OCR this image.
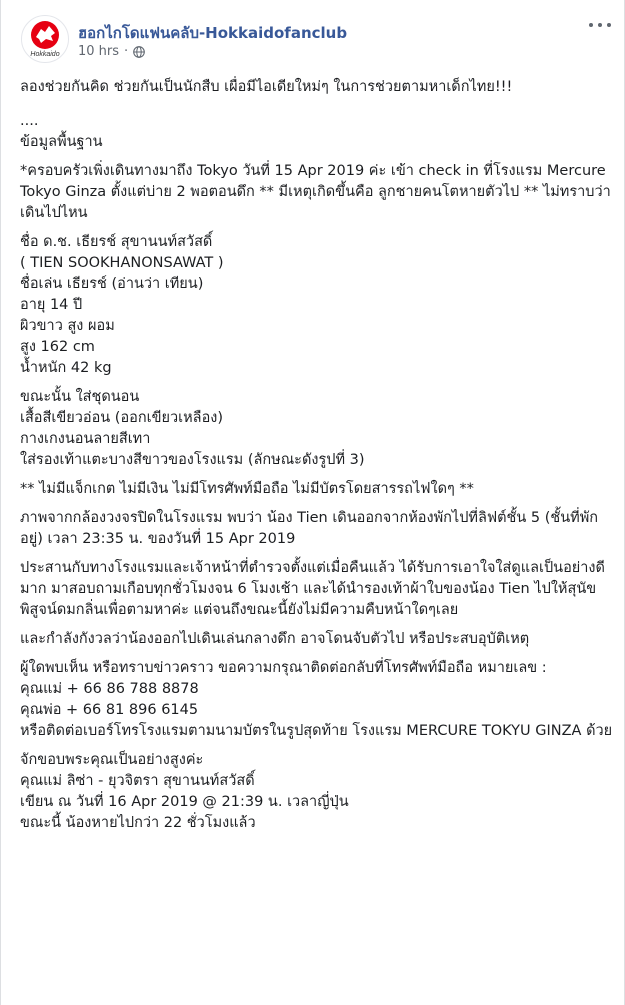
Hokkaido
ฮอกไกโดแฟนคลับ-Hokkaidofanclub
10 hrs ·

ลองช่วยกันคิด ช่วยกันเป็นนักสืบ เผื่อมีไอเดียใหม่ๆ ในการช่วยตามหาเด็กไทย!!!

....
ข้อมูลพื้นฐาน

*ครอบครัวเพิ่งเดินทางมาถึง Tokyo วันที่ 15 Apr 2019 ค่ะ เข้า check in ที่โรงแรม Mercure Tokyo Ginza ตั้งแต่บ่าย 2 พอตอนดึก ** มีเหตุเกิดขึ้นคือ ลูกชายคนโตหายตัวไป ** ไม่ทราบว่าเดินไปไหน

ชื่อ ด.ช. เธียรช์ สุขานนท์สวัสดิ์
( TIEN SOOKHANONSAWAT )
ชื่อเล่น เธียรช์ (อ่านว่า เทียน)
อายุ 14 ปี
ผิวขาว สูง ผอม
สูง 162 cm
น้ำหนัก 42 kg

ขณะนั้น ใส่ชุดนอน
เสื้อสีเขียวอ่อน (ออกเขียวเหลือง)
กางเกงนอนลายสีเทา
ใส่รองเท้าแตะบางสีขาวของโรงแรม (ลักษณะดังรูปที่ 3)

** ไม่มีแจ็กเกต ไม่มีเงิน ไม่มีโทรศัพท์มือถือ ไม่มีบัตรโดยสารรถไฟใดๆ **

ภาพจากกล้องวงจรปิดในโรงแรม พบว่า น้อง Tien เดินออกจากห้องพักไปที่ลิฟต์ชั้น 5 (ชั้นที่พักอยู่) เวลา 23:35 น. ของวันที่ 15 Apr 2019

ประสานกับทางโรงแรมและเจ้าหน้าที่ตำรวจตั้งแต่เมื่อคืนแล้ว ได้รับการเอาใจใส่ดูแลเป็นอย่างดีมาก มาสอบถามเกือบทุกชั่วโมงจน 6 โมงเช้า และได้นำรองเท้าผ้าใบของน้อง Tien ไปให้สุนัขพิสูจน์ดมกลิ่นเพื่อตามหาค่ะ แต่จนถึงขณะนี้ยังไม่มีความคืบหน้าใดๆเลย

และกำลังกังวลว่าน้องออกไปเดินเล่นกลางดึก อาจโดนจับตัวไป หรือประสบอุบัติเหตุ

ผู้ใดพบเห็น หรือทราบข่าวคราว ขอความกรุณาติดต่อกลับที่โทรศัพท์มือถือ หมายเลข :
คุณแม่ + 66 86 788 8878
คุณพ่อ + 66 81 896 6145
หรือติดต่อเบอร์โทรโรงแรมตามนามบัตรในรูปสุดท้าย โรงแรม MERCURE TOKYU GINZA ด้วย

จักขอบพระคุณเป็นอย่างสูงค่ะ
คุณแม่ ลิซ่า - ยุวจิตรา สุขานนท์สวัสดิ์
เขียน ณ วันที่ 16 Apr 2019 @ 21:39 น. เวลาญี่ปุ่น
ขณะนี้ น้องหายไปกว่า 22 ชั่วโมงแล้ว
